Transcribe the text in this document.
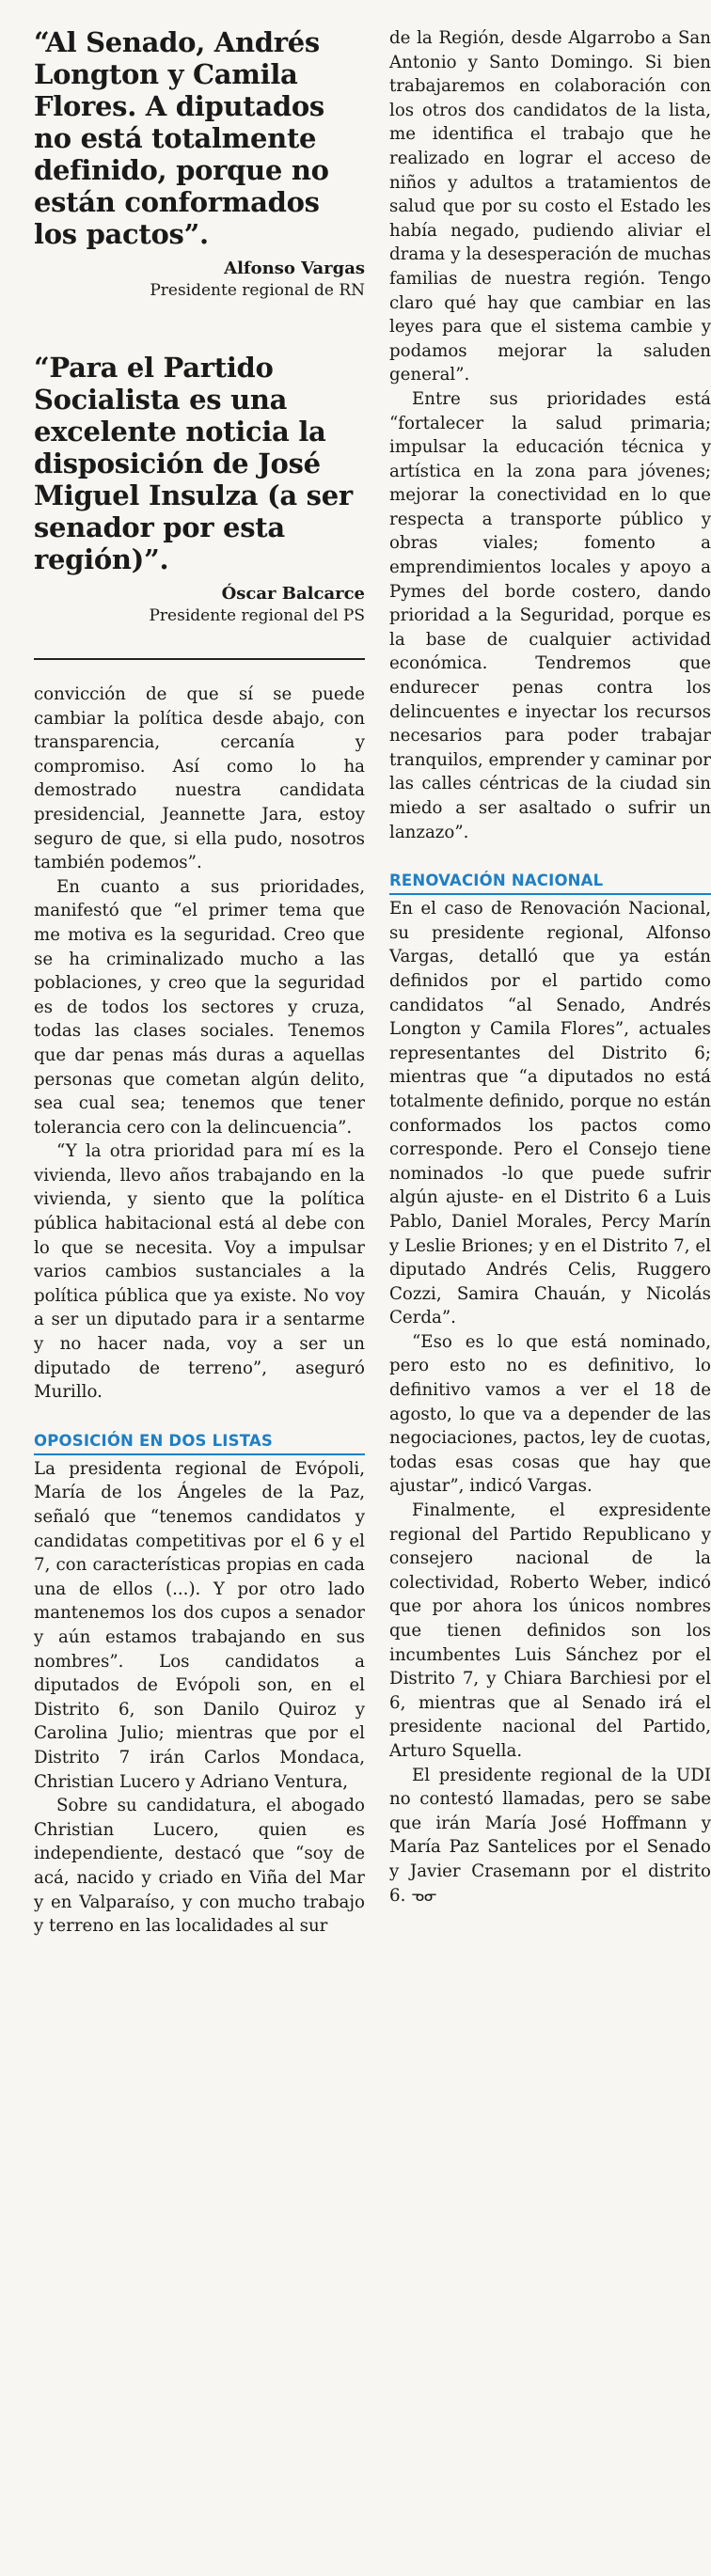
“Al Senado, Andrés Longton y Camila Flores. A diputados no está totalmente definido, porque no están conformados los pactos”.

Alfonso Vargas

Presidente regional de RN

“Para el Partido Socialista es una excelente noticia la disposición de José Miguel Insulza (a ser senador por esta región)”.

Óscar Balcarce

Presidente regional del PS

convicción de que sí se puede cambiar la política desde abajo, con transparencia, cercanía y compromiso. Así como lo ha demostrado nuestra candidata presidencial, Jeannette Jara, estoy seguro de que, si ella pudo, nosotros también podemos”.

En cuanto a sus prioridades, manifestó que “el primer tema que me motiva es la seguridad. Creo que se ha criminalizado mucho a las poblaciones, y creo que la seguridad es de todos los sectores y cruza, todas las clases sociales. Tenemos que dar penas más duras a aquellas personas que cometan algún delito, sea cual sea; tenemos que tener tolerancia cero con la delincuencia”.

“Y la otra prioridad para mí es la vivienda, llevo años trabajando en la vivienda, y siento que la política pública habitacional está al debe con lo que se necesita. Voy a impulsar varios cambios sustanciales a la política pública que ya existe. No voy a ser un diputado para ir a sentarme y no hacer nada, voy a ser un diputado de terreno”, aseguró Murillo.

OPOSICIÓN EN DOS LISTAS

La presidenta regional de Evópoli, María de los Ángeles de la Paz, señaló que “tenemos candidatos y candidatas competitivas por el 6 y el 7, con características propias en cada una de ellos (...). Y por otro lado mantenemos los dos cupos a senador y aún estamos trabajando en sus nombres”. Los candidatos a diputados de Evópoli son, en el Distrito 6, son Danilo Quiroz y Carolina Julio; mientras que por el Distrito 7 irán Carlos Mondaca, Christian Lucero y Adriano Ventura,

Sobre su candidatura, el abogado Christian Lucero, quien es independiente, destacó que “soy de acá, nacido y criado en Viña del Mar y en Valparaíso, y con mucho trabajo y terreno en las localidades al sur

de la Región, desde Algarrobo a San Antonio y Santo Domingo. Si bien trabajaremos en colaboración con los otros dos candidatos de la lista, me identifica el trabajo que he realizado en lograr el acceso de niños y adultos a tratamientos de salud que por su costo el Estado les había negado, pudiendo aliviar el drama y la desesperación de muchas familias de nuestra región. Tengo claro qué hay que cambiar en las leyes para que el sistema cambie y podamos mejorar la saluden general”.

Entre sus prioridades está “fortalecer la salud primaria; impulsar la educación técnica y artística en la zona para jóvenes; mejorar la conectividad en lo que respecta a transporte público y obras viales; fomento a emprendimientos locales y apoyo a Pymes del borde costero, dando prioridad a la Seguridad, porque es la base de cualquier actividad económica. Tendremos que endurecer penas contra los delincuentes e inyectar los recursos necesarios para poder trabajar tranquilos, emprender y caminar por las calles céntricas de la ciudad sin miedo a ser asaltado o sufrir un lanzazo”.

RENOVACIÓN NACIONAL

En el caso de Renovación Nacional, su presidente regional, Alfonso Vargas, detalló que ya están definidos por el partido como candidatos “al Senado, Andrés Longton y Camila Flores”, actuales representantes del Distrito 6; mientras que “a diputados no está totalmente definido, porque no están conformados los pactos como corresponde. Pero el Consejo tiene nominados -lo que puede sufrir algún ajuste- en el Distrito 6 a Luis Pablo, Daniel Morales, Percy Marín y Leslie Briones; y en el Distrito 7, el diputado Andrés Celis, Ruggero Cozzi, Samira Chauán, y Nicolás Cerda”.

“Eso es lo que está nominado, pero esto no es definitivo, lo definitivo vamos a ver el 18 de agosto, lo que va a depender de las negociaciones, pactos, ley de cuotas, todas esas cosas que hay que ajustar”, indicó Vargas.

Finalmente, el expresidente regional del Partido Republicano y consejero nacional de la colectividad, Roberto Weber, indicó que por ahora los únicos nombres que tienen definidos son los incumbentes Luis Sánchez por el Distrito 7, y Chiara Barchiesi por el 6, mientras que al Senado irá el presidente nacional del Partido, Arturo Squella.

El presidente regional de la UDI no contestó llamadas, pero se sabe que irán María José Hoffmann y María Paz Santelices por el Senado y Javier Crasemann por el distrito 6. ᓀᓂ
